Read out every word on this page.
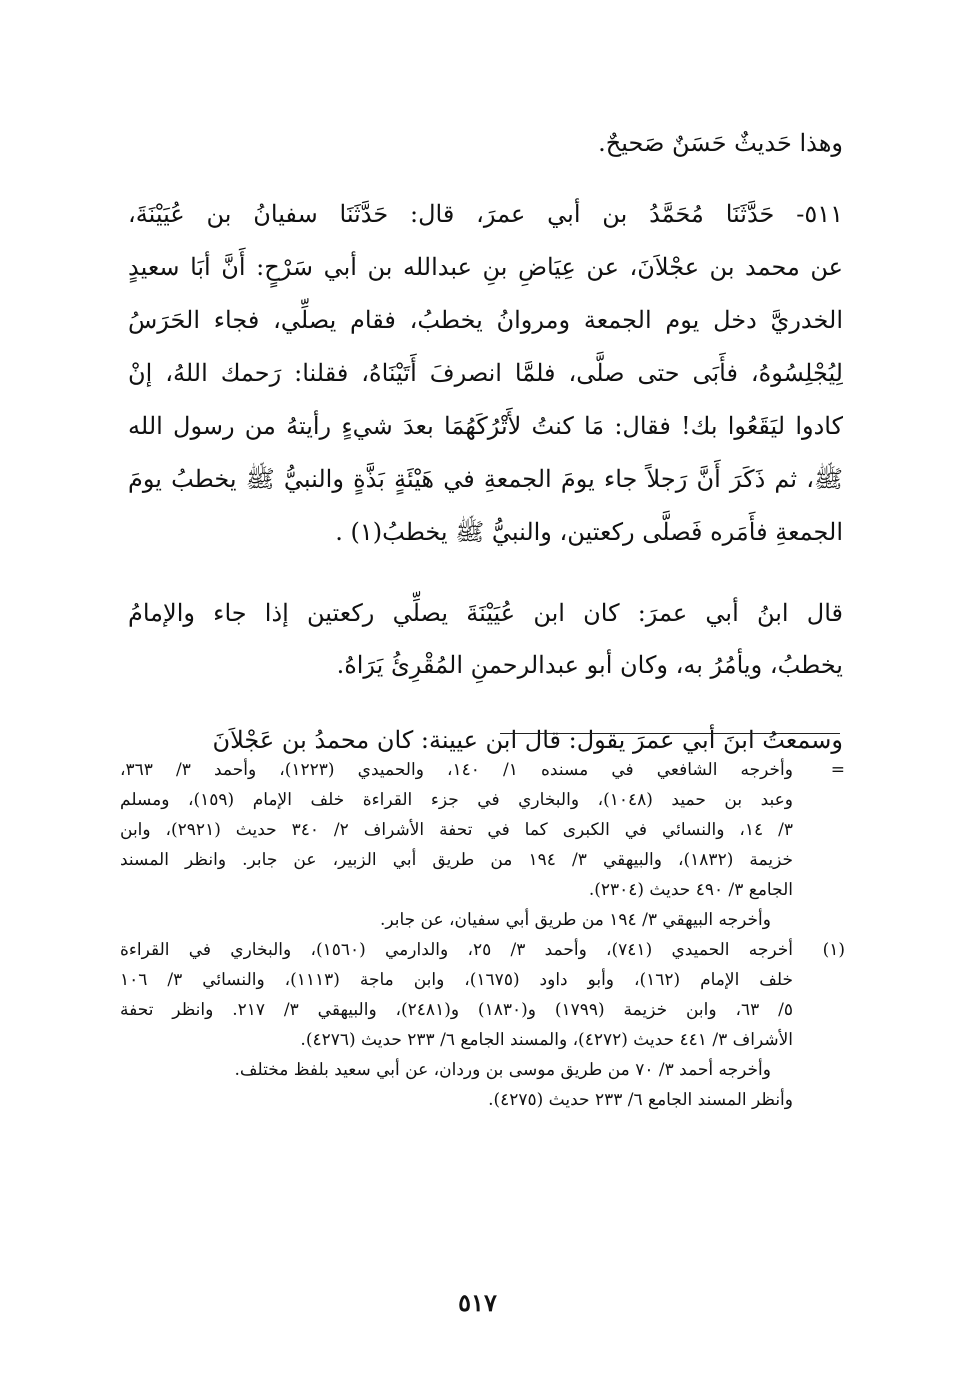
وهذا حَديثٌ حَسَنٌ صَحيحٌ.
٥١١- حَدَّثَنَا مُحَمَّدُ بن أبي عمرَ، قال: حَدَّثَنَا سفيانُ بن عُيَيْنَةَ،
عن محمد بن عجْلاَنَ، عن عِيَاضِ بنِ عبدالله بن أبي سَرْحٍ: أَنَّ أبَا سعيدٍ
الخدريَّ دخل يوم الجمعة ومروانُ يخطبُ، فقام يصلِّي، فجاء الحَرَسُ
لِيُجْلِسُوهُ، فأَبَى حتى صلَّى، فلمَّا انصرفَ أَتَيْنَاهُ، فقلنا: رَحمك اللهُ، إنْ
كادوا ليَقَعُوا بك! فقال: مَا كنتُ لأَتْرُكَهُمَا بعدَ شيءٍ رأيتهُ من رسول الله
ﷺ، ثم ذَكَرَ أَنَّ رَجلاً جاء يومَ الجمعةِ في هَيْئَةٍ بَذَّةٍ والنبيُّ ﷺ يخطبُ يومَ
الجمعةِ فأَمَره فَصلَّى ركعتين، والنبيُّ ﷺ يخطبُ(١) .
قال ابنُ أبي عمرَ: كان ابن عُيَيْنَةَ يصلِّي ركعتين إذا جاء والإمامُ
يخطبُ، ويأمُرُ به، وكان أبو عبدالرحمنِ المُقْرِئُ يَرَاهُ.
وسمعتُ ابنَ أبي عمرَ يقول: قال ابن عيينة: كان محمدُ بن عَجْلاَنَ
=
وأخرجه الشافعي في مسنده ١/ ١٤٠، والحميدي (١٢٢٣)، وأحمد ٣/ ٣٦٣،
وعبد بن حميد (١٠٤٨)، والبخاري في جزء القراءة خلف الإمام (١٥٩)، ومسلم
٣/ ١٤، والنسائي في الكبرى كما في تحفة الأشراف ٢/ ٣٤٠ حديث (٢٩٢١)، وابن
خزيمة (١٨٣٢)، والبيهقي ٣/ ١٩٤ من طريق أبي الزبير، عن جابر. وانظر المسند
الجامع ٣/ ٤٩٠ حديث (٢٣٠٤).
وأخرجه البيهقي ٣/ ١٩٤ من طريق أبي سفيان، عن جابر.
(١)
أخرجه الحميدي (٧٤١)، وأحمد ٣/ ٢٥، والدارمي (١٥٦٠)، والبخاري في القراءة
خلف الإمام (١٦٢)، وأبو داود (١٦٧٥)، وابن ماجة (١١١٣)، والنسائي ٣/ ١٠٦
٥/ ٦٣، وابن خزيمة (١٧٩٩) و(١٨٣٠) و(٢٤٨١)، والبيهقي ٣/ ٢١٧. وانظر تحفة
الأشراف ٣/ ٤٤١ حديث (٤٢٧٢)، والمسند الجامع ٦/ ٢٣٣ حديث (٤٢٧٦).
وأخرجه أحمد ٣/ ٧٠ من طريق موسى بن وردان، عن أبي سعيد بلفظ مختلف.
وأنظر المسند الجامع ٦/ ٢٣٣ حديث (٤٢٧٥).
٥١٧
